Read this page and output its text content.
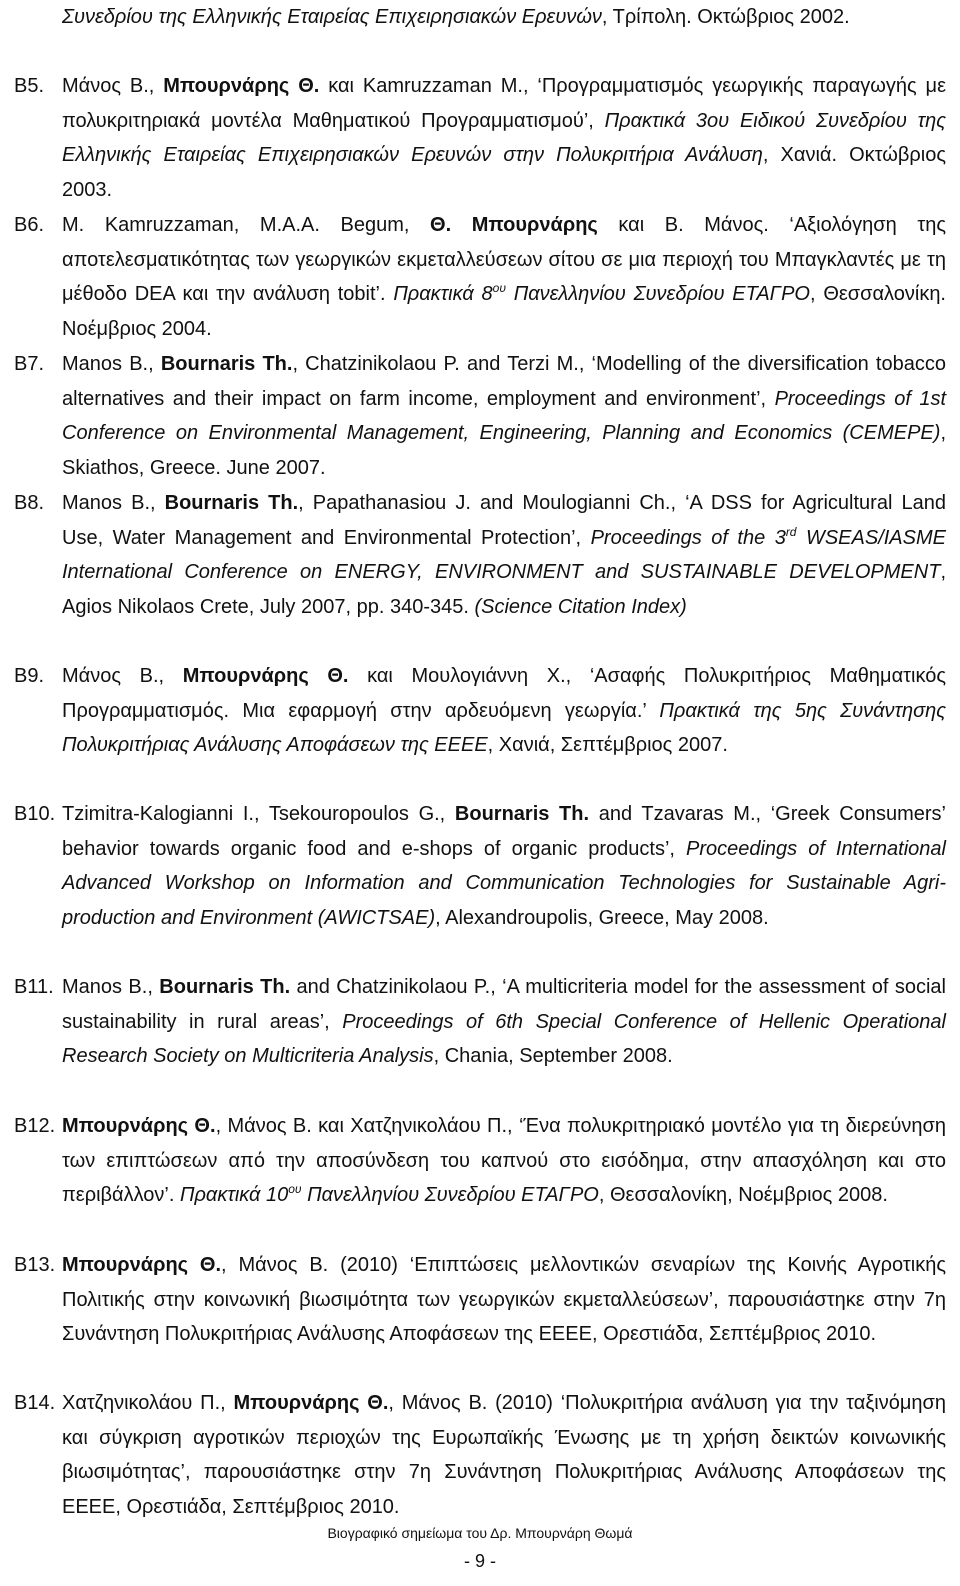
Συνεδρίου της Ελληνικής Εταιρείας Επιχειρησιακών Ερευνών, Τρίπολη. Οκτώβριος 2002.
B5. Μάνος Β., Μπουρνάρης Θ. και Kamruzzaman M., ‘Προγραμματισμός γεωργικής παραγωγής με πολυκριτηριακά μοντέλα Μαθηματικού Προγραμματισμού’, Πρακτικά 3ου Ειδικού Συνεδρίου της Ελληνικής Εταιρείας Επιχειρησιακών Ερευνών στην Πολυκριτήρια Ανάλυση, Χανιά. Οκτώβριος 2003.
B6. M. Kamruzzaman, M.A.A. Begum, Θ. Μπουρνάρης και Β. Μάνος. ‘Αξιολόγηση της αποτελεσματικότητας των γεωργικών εκμεταλλεύσεων σίτου σε μια περιοχή του Μπαγκλαντές με τη μέθοδο DEA και την ανάλυση tobit’. Πρακτικά $8^{o\upsilon}$ Πανελληνίου Συνεδρίου ΕΤΑΓΡΟ, Θεσσαλονίκη. Νοέμβριος 2004.
B7. Manos B., Bournaris Th., Chatzinikolaou P. and Terzi M., ‘Modelling of the diversification tobacco alternatives and their impact on farm income, employment and environment’, Proceedings of 1st Conference on Environmental Management, Engineering, Planning and Economics (CEMEPE), Skiathos, Greece. June 2007.
B8. Manos B., Bournaris Th., Papathanasiou J. and Moulogianni Ch., ‘A DSS for Agricultural Land Use, Water Management and Environmental Protection’, Proceedings of the 3rd WSEAS/IASME International Conference on ENERGY, ENVIRONMENT and SUSTAINABLE DEVELOPMENT, Agios Nikolaos Crete, July 2007, pp. 340-345. (Science Citation Index)
B9. Μάνος Β., Μπουρνάρης Θ. και Μουλογιάννη Χ., ‘Ασαφής Πολυκριτήριος Μαθηματικός Προγραμματισμός. Μια εφαρμογή στην αρδευόμενη γεωργία.’ Πρακτικά της 5ης Συνάντησης Πολυκριτήριας Ανάλυσης Αποφάσεων της ΕΕΕΕ, Χανιά, Σεπτέμβριος 2007.
B10. Tzimitra-Kalogianni I., Tsekouropoulos G., Bournaris Th. and Tzavaras M., ‘Greek Consumers’ behavior towards organic food and e-shops of organic products’, Proceedings of International Advanced Workshop on Information and Communication Technologies for Sustainable Agri-production and Environment (AWICTSAE), Alexandroupolis, Greece, May 2008.
B11. Manos B., Bournaris Th. and Chatzinikolaou P., ‘A multicriteria model for the assessment of social sustainability in rural areas’, Proceedings of 6th Special Conference of Hellenic Operational Research Society on Multicriteria Analysis, Chania, September 2008.
B12. Μπουρνάρης Θ., Μάνος Β. και Χατζηνικολάου Π., ‘Ένα πολυκριτηριακό μοντέλο για τη διερεύνηση των επιπτώσεων από την αποσύνδεση του καπνού στο εισόδημα, στην απασχόληση και στο περιβάλλον’. Πρακτικά $10^{o\upsilon}$ Πανελληνίου Συνεδρίου ΕΤΑΓΡΟ, Θεσσαλονίκη, Νοέμβριος 2008.
B13. Μπουρνάρης Θ., Μάνος Β. (2010) ‘Επιπτώσεις μελλοντικών σεναρίων της Κοινής Αγροτικής Πολιτικής στην κοινωνική βιωσιμότητα των γεωργικών εκμεταλλεύσεων’, παρουσιάστηκε στην 7η Συνάντηση Πολυκριτήριας Ανάλυσης Αποφάσεων της ΕΕΕΕ, Ορεστιάδα, Σεπτέμβριος 2010.
B14. Χατζηνικολάου Π., Μπουρνάρης Θ., Μάνος Β. (2010) ‘Πολυκριτήρια ανάλυση για την ταξινόμηση και σύγκριση αγροτικών περιοχών της Ευρωπαϊκής Ένωσης με τη χρήση δεικτών κοινωνικής βιωσιμότητας’, παρουσιάστηκε στην 7η Συνάντηση Πολυκριτήριας Ανάλυσης Αποφάσεων της ΕΕΕΕ, Ορεστιάδα, Σεπτέμβριος 2010.
Βιογραφικό σημείωμα του Δρ. Μπουρνάρη Θωμά
- 9 -
